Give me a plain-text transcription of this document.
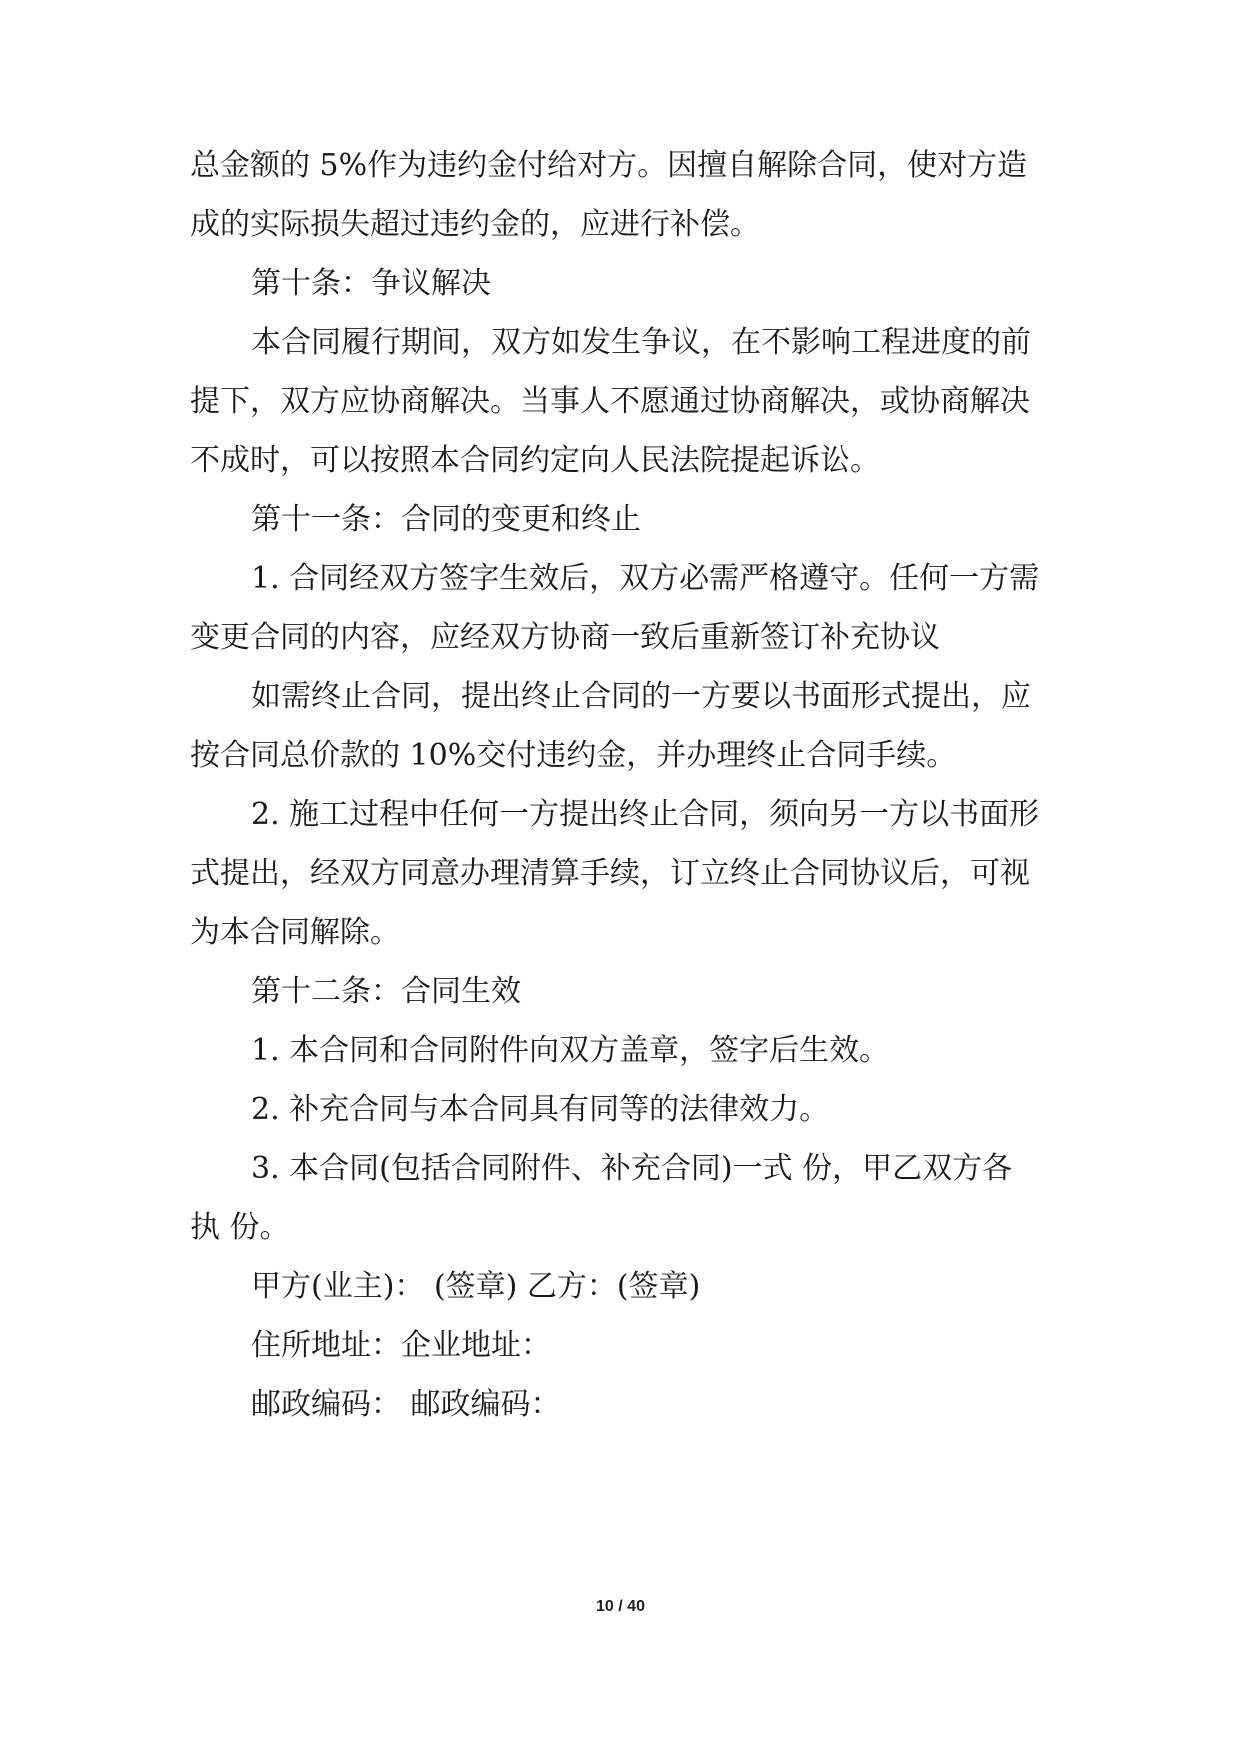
总金额的 5%作为违约金付给对方。因擅自解除合同，使对方造
成的实际损失超过违约金的，应进行补偿。
第十条：争议解决
本合同履行期间，双方如发生争议，在不影响工程进度的前
提下，双方应协商解决。当事人不愿通过协商解决，或协商解决
不成时，可以按照本合同约定向人民法院提起诉讼。
第十一条：合同的变更和终止
1. 合同经双方签字生效后，双方必需严格遵守。任何一方需
变更合同的内容，应经双方协商一致后重新签订补充协议
如需终止合同，提出终止合同的一方要以书面形式提出，应
按合同总价款的 10%交付违约金，并办理终止合同手续。
2. 施工过程中任何一方提出终止合同，须向另一方以书面形
式提出，经双方同意办理清算手续，订立终止合同协议后，可视
为本合同解除。
第十二条：合同生效
1. 本合同和合同附件向双方盖章，签字后生效。
2. 补充合同与本合同具有同等的法律效力。
3. 本合同(包括合同附件、补充合同)一式 份，甲乙双方各
执 份。
甲方(业主)： (签章) 乙方：(签章)
住所地址：企业地址：
邮政编码： 邮政编码：
10 / 40
